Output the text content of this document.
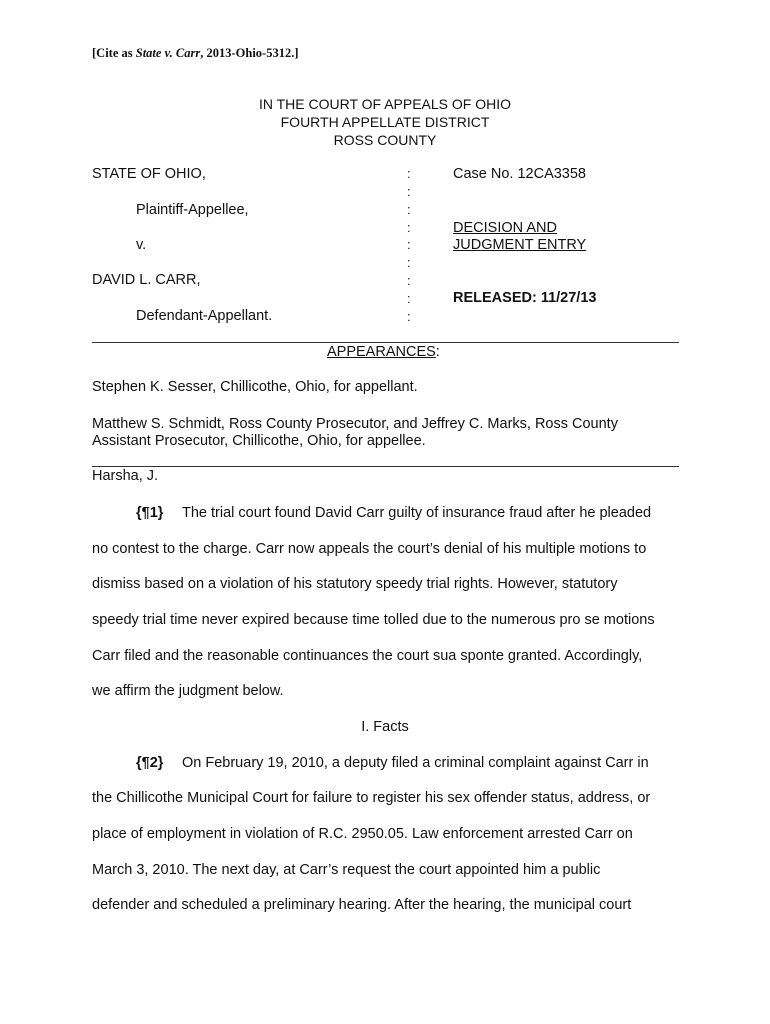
[Cite as State v. Carr, 2013-Ohio-5312.]
IN THE COURT OF APPEALS OF OHIO
FOURTH APPELLATE DISTRICT
ROSS COUNTY
STATE OF OHIO,
Plaintiff-Appellee,
v.
DAVID L. CARR,
Defendant-Appellant.
:
:
:
:
:
:
:
:
:
Case No. 12CA3358
DECISION AND
JUDGMENT ENTRY
RELEASED: 11/27/13
APPEARANCES:
Stephen K. Sesser, Chillicothe, Ohio, for appellant.
Matthew S. Schmidt, Ross County Prosecutor, and Jeffrey C. Marks, Ross County
Assistant Prosecutor, Chillicothe, Ohio, for appellee.
Harsha, J.
{¶1} The trial court found David Carr guilty of insurance fraud after he pleaded
no contest to the charge. Carr now appeals the court’s denial of his multiple motions to
dismiss based on a violation of his statutory speedy trial rights. However, statutory
speedy trial time never expired because time tolled due to the numerous pro se motions
Carr filed and the reasonable continuances the court sua sponte granted. Accordingly,
we affirm the judgment below.
I. Facts
{¶2} On February 19, 2010, a deputy filed a criminal complaint against Carr in
the Chillicothe Municipal Court for failure to register his sex offender status, address, or
place of employment in violation of R.C. 2950.05. Law enforcement arrested Carr on
March 3, 2010. The next day, at Carr’s request the court appointed him a public
defender and scheduled a preliminary hearing. After the hearing, the municipal court
